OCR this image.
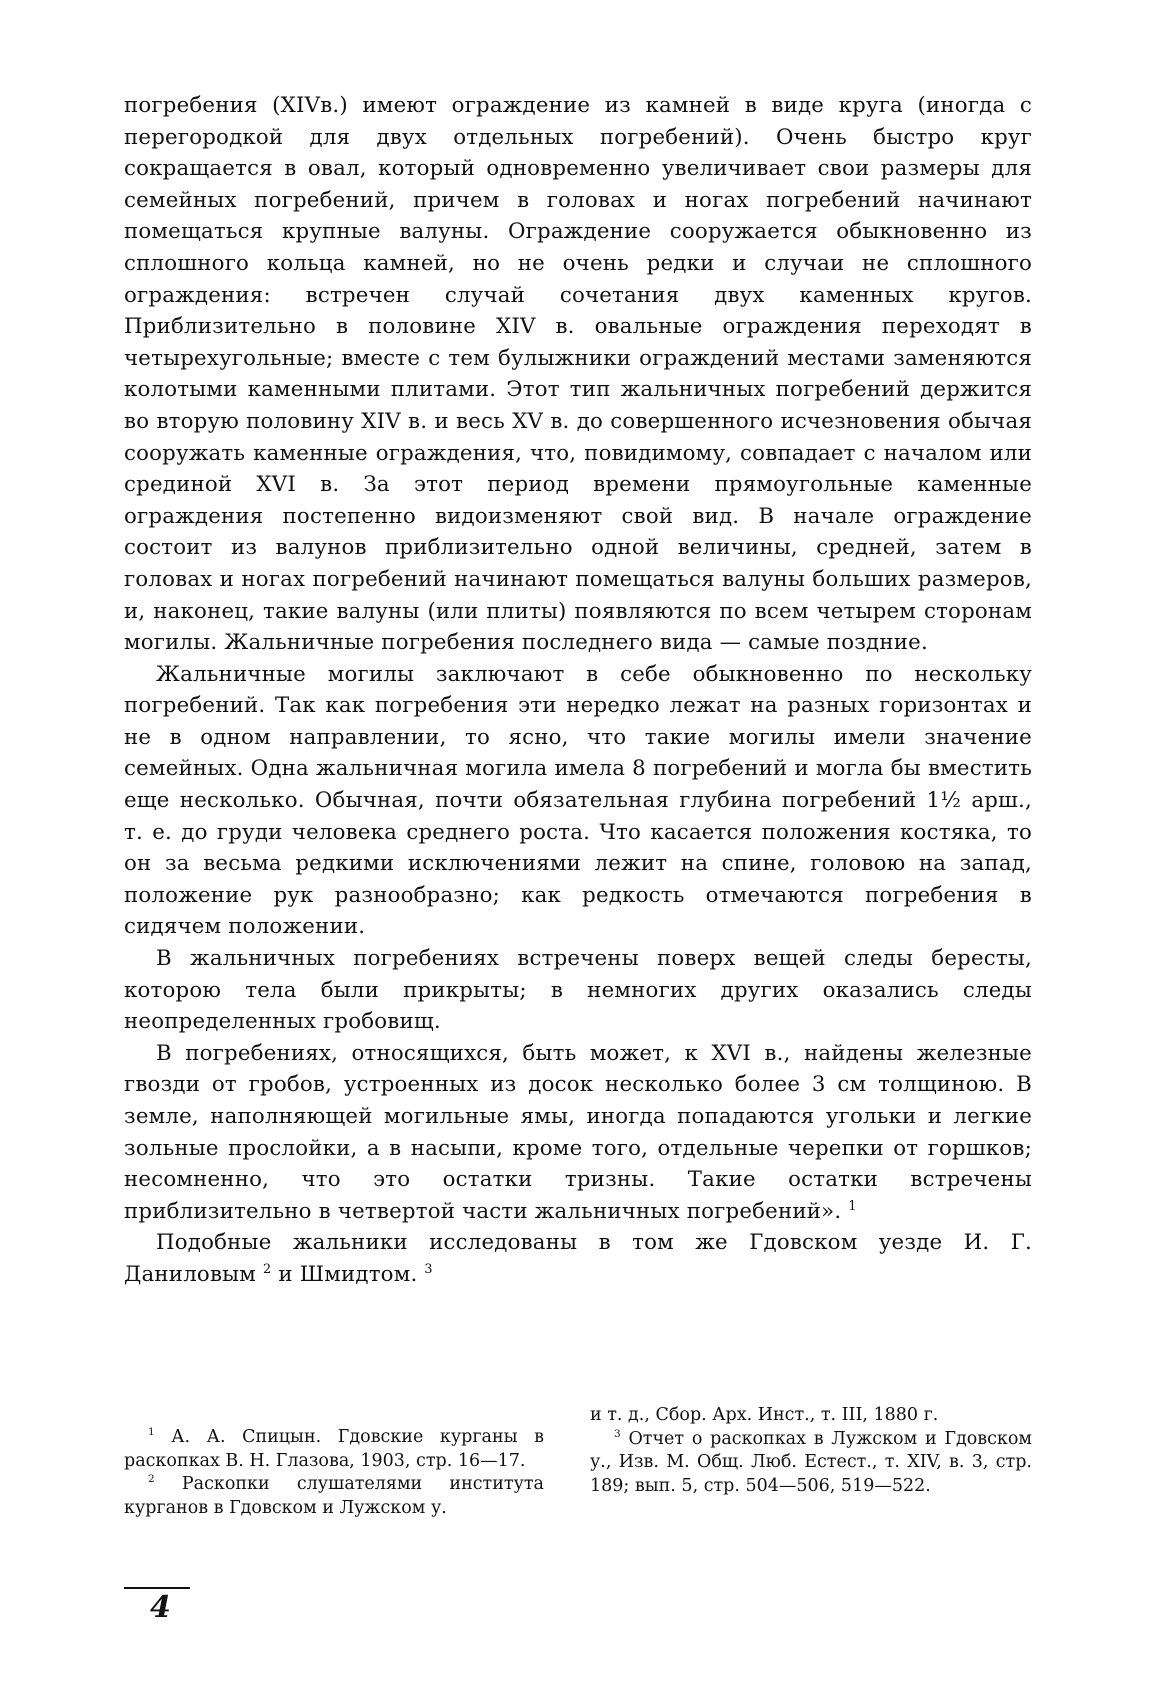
погребения (XIVв.) имеют ограждение из камней в виде круга (иногда с перегородкой для двух отдельных погребений). Очень быстро круг сокращается в овал, который одновременно увеличивает свои размеры для семейных погребений, причем в головах и ногах погребений начинают помещаться крупные валуны. Ограждение сооружается обыкновенно из сплошного кольца камней, но не очень редки и случаи не сплошного ограждения: встречен случай сочетания двух каменных кругов. Приблизительно в половине XIV в. овальные ограждения переходят в четырехугольные; вместе с тем булыжники ограждений местами заменяются колотыми каменными плитами. Этот тип жальничных погребений держится во вторую половину XIV в. и весь XV в. до совершенного исчезновения обычая сооружать каменные ограждения, что, повидимому, совпадает с началом или срединой XVI в. За этот период времени прямоугольные каменные ограждения постепенно видоизменяют свой вид. В начале ограждение состоит из валунов приблизительно одной величины, средней, затем в головах и ногах погребений начинают помещаться валуны больших размеров, и, наконец, такие валуны (или плиты) появляются по всем четырем сторонам могилы. Жальничные погребения последнего вида — самые поздние.

Жальничные могилы заключают в себе обыкновенно по нескольку погребений. Так как погребения эти нередко лежат на разных горизонтах и не в одном направлении, то ясно, что такие могилы имели значение семейных. Одна жальничная могила имела 8 погребений и могла бы вместить еще несколько. Обычная, почти обязательная глубина погребений 1½ арш., т. е. до груди человека среднего роста. Что касается положения костяка, то он за весьма редкими исключениями лежит на спине, головою на запад, положение рук разнообразно; как редкость отмечаются погребения в сидячем положении.

В жальничных погребениях встречены поверх вещей следы бересты, которою тела были прикрыты; в немногих других оказались следы неопределенных гробовищ.

В погребениях, относящихся, быть может, к XVI в., найдены железные гвозди от гробов, устроенных из досок несколько более 3 см толщиною. В земле, наполняющей могильные ямы, иногда попадаются угольки и легкие зольные прослойки, а в насыпи, кроме того, отдельные черепки от горшков; несомненно, что это остатки тризны. Такие остатки встречены приблизительно в четвертой части жальничных погребений». $^1$

Подобные жальники исследованы в том же Гдовском уезде И. Г. Даниловым $^2$ и Шмидтом. $^3$

$^1$ А. А. Спицын. Гдовские курганы в раскопках В. Н. Глазова, 1903, стр. 16—17.

$^2$ Раскопки слушателями института курганов в Гдовском и Лужском у.

и т. д., Сбор. Арх. Инст., т. III, 1880 г.

$^3$ Отчет о раскопках в Лужском и Гдовском у., Изв. М. Общ. Люб. Естест., т. XIV, в. 3, стр. 189; вып. 5, стр. 504—506, 519—522.

4
